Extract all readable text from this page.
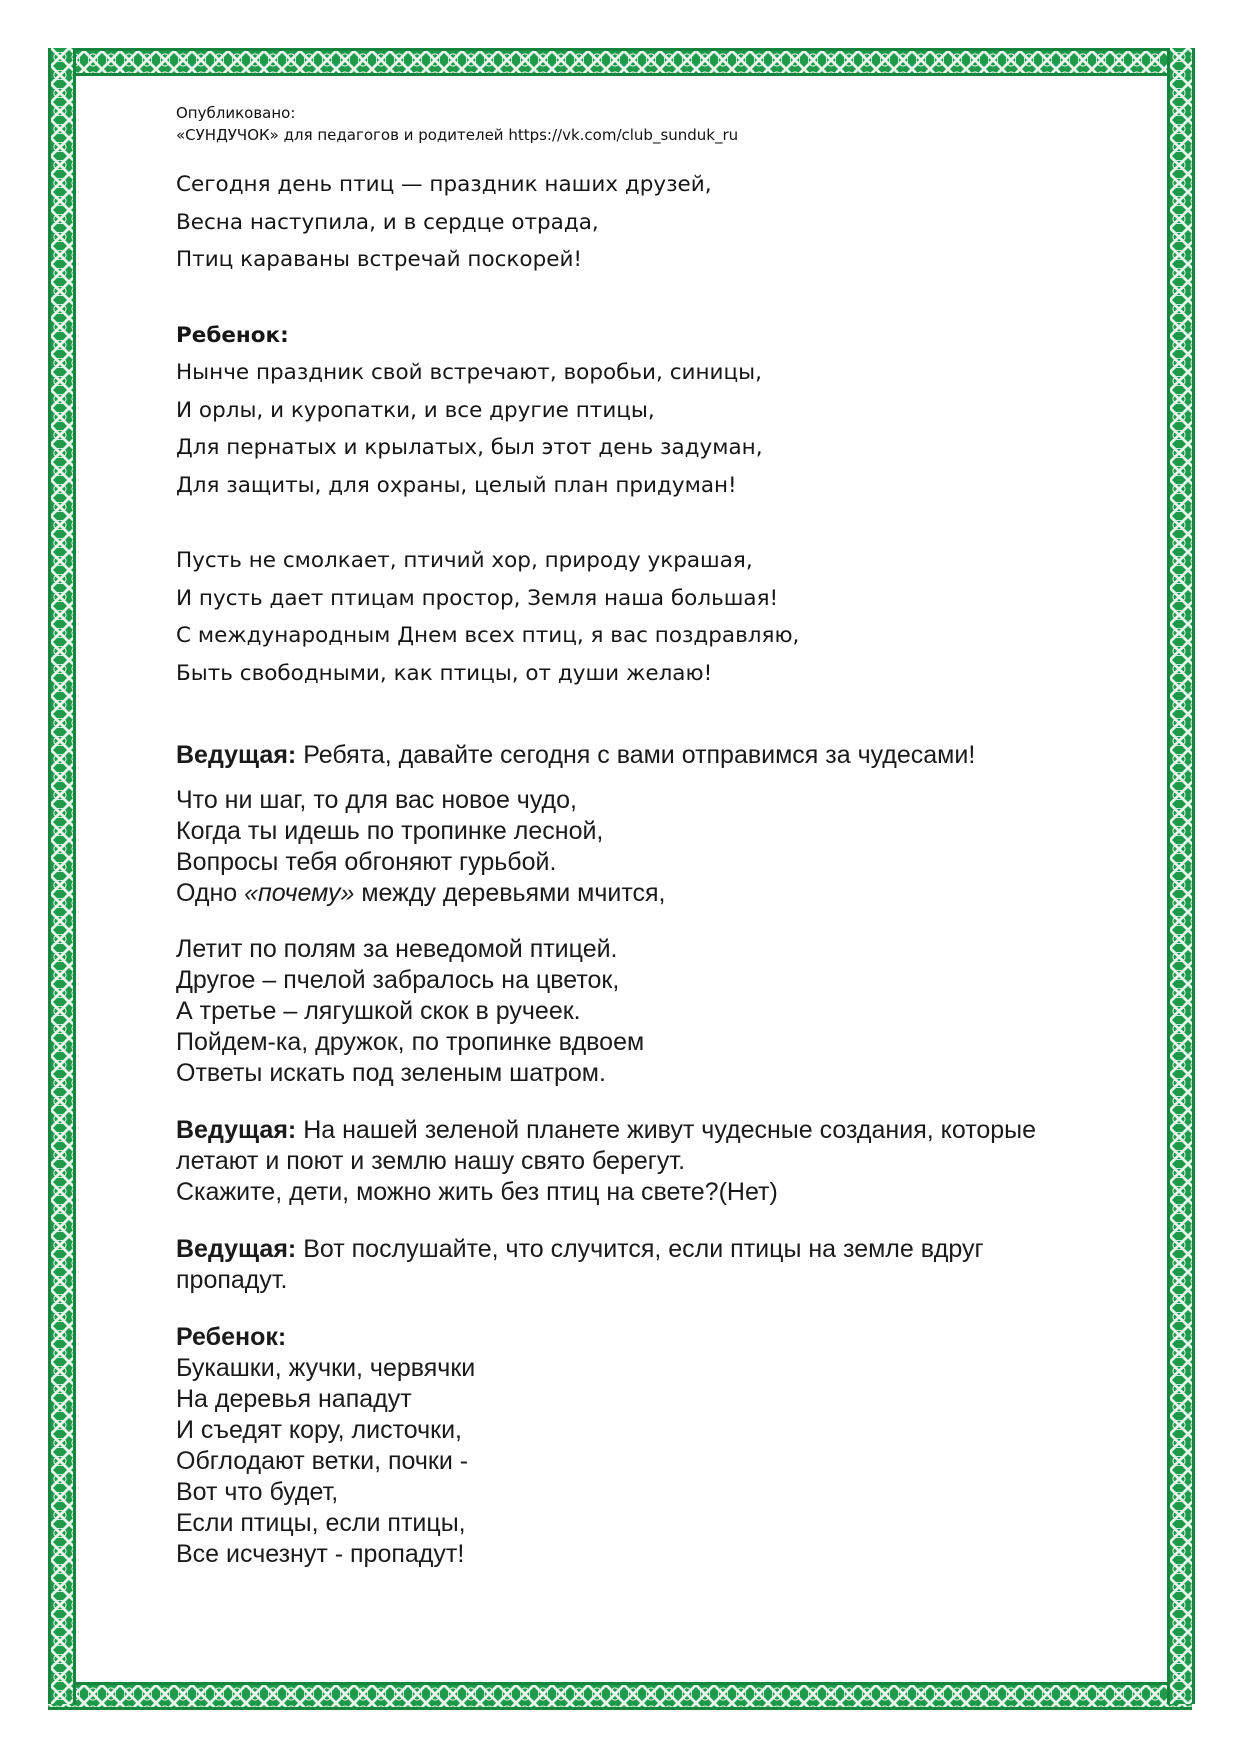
Опубликовано:

«СУНДУЧОК» для педагогов и родителей https://vk.com/club_sunduk_ru

Сегодня день птиц — праздник наших друзей,

Весна наступила, и в сердце отрада,

Птиц караваны встречай поскорей!

Ребенок:

Нынче праздник свой встречают, воробьи, синицы,

И орлы, и куропатки, и все другие птицы,

Для пернатых и крылатых, был этот день задуман,

Для защиты, для охраны, целый план придуман!

Пусть не смолкает, птичий хор, природу украшая,

И пусть дает птицам простор, Земля наша большая!

С международным Днем всех птиц, я вас поздравляю,

Быть свободными, как птицы, от души желаю!

Ведущая: Ребята, давайте сегодня с вами отправимся за чудесами!

Что ни шаг, то для вас новое чудо,

Когда ты идешь по тропинке лесной,

Вопросы тебя обгоняют гурьбой.

Одно «почему» между деревьями мчится,

Летит по полям за неведомой птицей.

Другое – пчелой забралось на цветок,

А третье – лягушкой скок в ручеек.

Пойдем-ка, дружок, по тропинке вдвоем

Ответы искать под зеленым шатром.

Ведущая: На нашей зеленой планете живут чудесные создания, которые

летают и поют и землю нашу свято берегут.

Скажите, дети, можно жить без птиц на свете?(Нет)

Ведущая: Вот послушайте, что случится, если птицы на земле вдруг

пропадут.

Ребенок:

Букашки, жучки, червячки

На деревья нападут

И съедят кору, листочки,

Обглодают ветки, почки -

Вот что будет,

Если птицы, если птицы,

Все исчезнут - пропадут!
